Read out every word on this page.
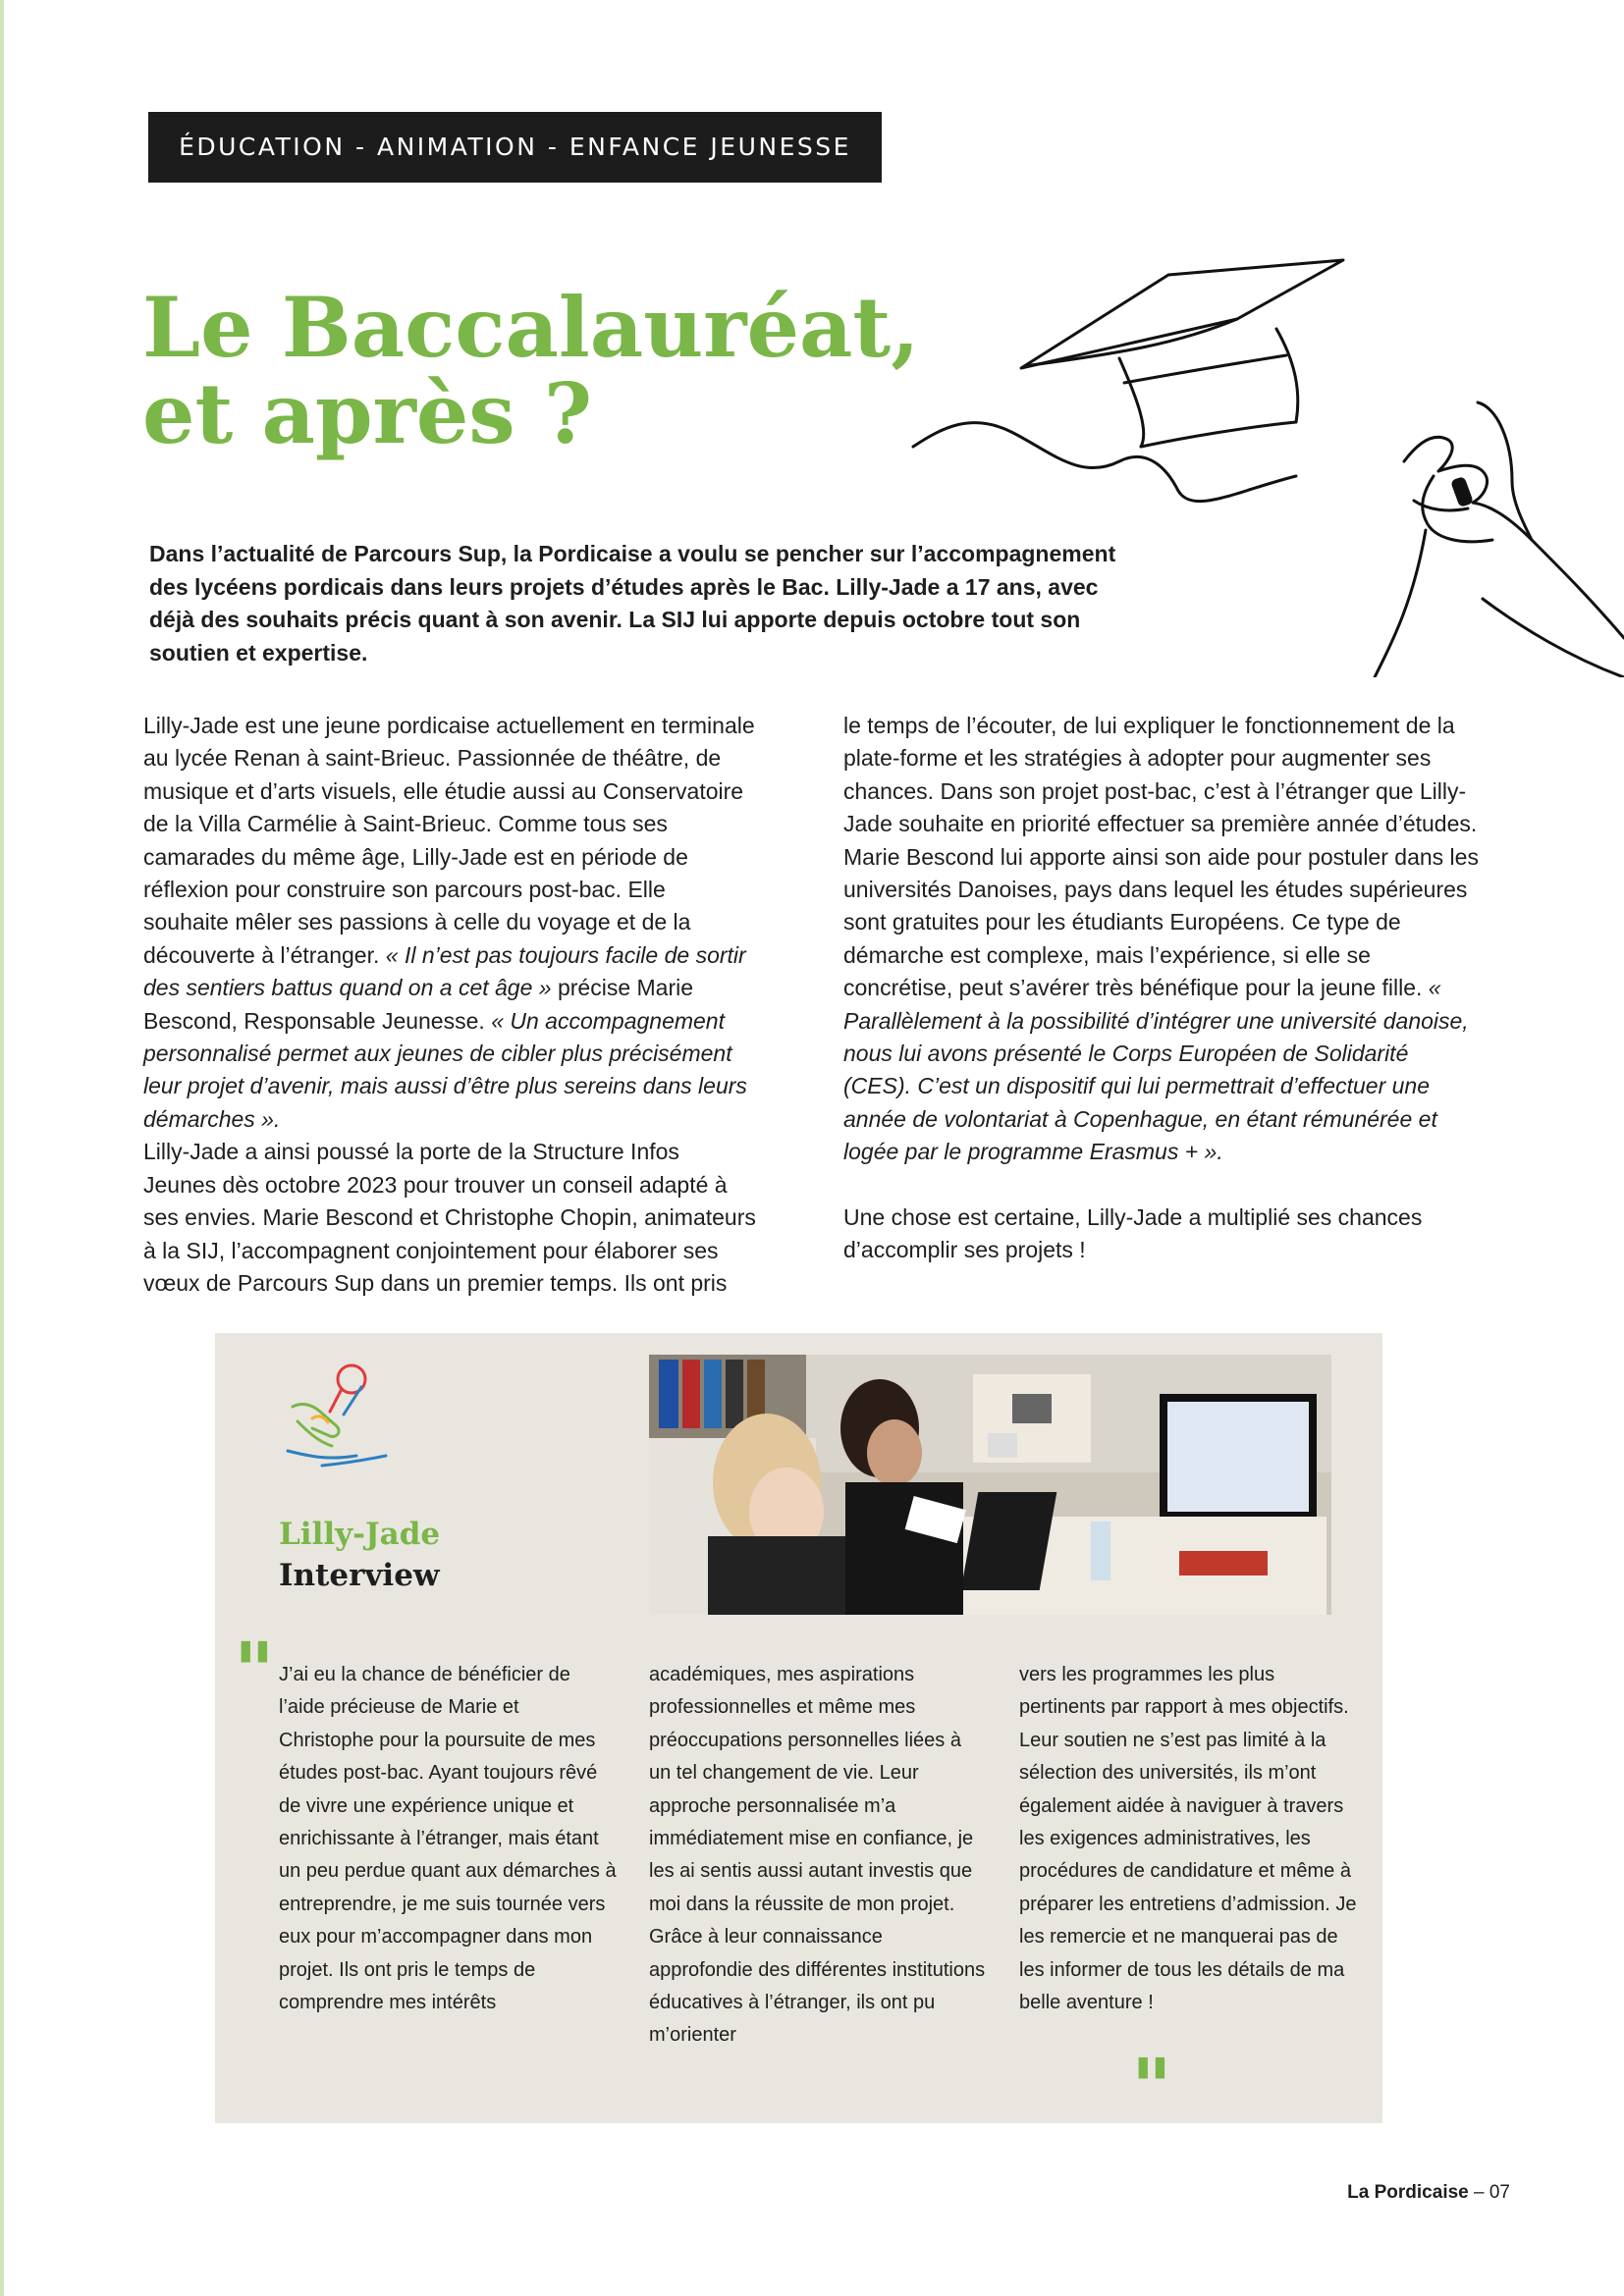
ÉDUCATION - ANIMATION - ENFANCE JEUNESSE
Le Baccalauréat,
et après ?
Dans l’actualité de Parcours Sup, la Pordicaise a voulu se pencher sur l’accompagnement des lycéens pordicais dans leurs projets d’études après le Bac. Lilly-Jade a 17 ans, avec déjà des souhaits précis quant à son avenir. La SIJ lui apporte depuis octobre tout son soutien et expertise.

Lilly-Jade est une jeune pordicaise actuellement en terminale au lycée Renan à saint-Brieuc. Passionnée de théâtre, de musique et d’arts visuels, elle étudie aussi au Conservatoire de la Villa Carmélie à Saint-Brieuc. Comme tous ses camarades du même âge, Lilly-Jade est en période de réflexion pour construire son parcours post-bac. Elle souhaite mêler ses passions à celle du voyage et de la découverte à l’étranger. « Il n’est pas toujours facile de sortir des sentiers battus quand on a cet âge » précise Marie Bescond, Responsable Jeunesse. « Un accompagnement personnalisé permet aux jeunes de cibler plus précisément leur projet d’avenir, mais aussi d’être plus sereins dans leurs démarches ».

Lilly-Jade a ainsi poussé la porte de la Structure Infos Jeunes dès octobre 2023 pour trouver un conseil adapté à ses envies. Marie Bescond et Christophe Chopin, animateurs à la SIJ, l’accompagnent conjointement pour élaborer ses vœux de Parcours Sup dans un premier temps. Ils ont pris

le temps de l’écouter, de lui expliquer le fonctionnement de la plate-forme et les stratégies à adopter pour augmenter ses chances. Dans son projet post-bac, c’est à l’étranger que Lilly-Jade souhaite en priorité effectuer sa première année d’études. Marie Bescond lui apporte ainsi son aide pour postuler dans les universités Danoises, pays dans lequel les études supérieures sont gratuites pour les étudiants Européens. Ce type de démarche est complexe, mais l’expérience, si elle se concrétise, peut s’avérer très bénéfique pour la jeune fille. « Parallèlement à la possibilité d’intégrer une université danoise, nous lui avons présenté le Corps Européen de Solidarité (CES). C’est un dispositif qui lui permettrait d’effectuer une année de volontariat à Copenhague, en étant rémunérée et logée par le programme Erasmus + ».

Une chose est certaine, Lilly-Jade a multiplié ses chances d’accomplir ses projets !

Lilly-Jade
Interview
" J’ai eu la chance de bénéficier de l’aide précieuse de Marie et Christophe pour la poursuite de mes études post-bac. Ayant toujours rêvé de vivre une expérience unique et enrichissante à l’étranger, mais étant un peu perdue quant aux démarches à entreprendre, je me suis tournée vers eux pour m’accompagner dans mon projet. Ils ont pris le temps de comprendre mes intérêts

académiques, mes aspirations professionnelles et même mes préoccupations personnelles liées à un tel changement de vie. Leur approche personnalisée m’a immédiatement mise en confiance, je les ai sentis aussi autant investis que moi dans la réussite de mon projet. Grâce à leur connaissance approfondie des différentes institutions éducatives à l’étranger, ils ont pu m’orienter

vers les programmes les plus pertinents par rapport à mes objectifs. Leur soutien ne s’est pas limité à la sélection des universités, ils m’ont également aidée à naviguer à travers les exigences administratives, les procédures de candidature et même à préparer les entretiens d’admission. Je les remercie et ne manquerai pas de les informer de tous les détails de ma belle aventure !

"
La Pordicaise – 07
